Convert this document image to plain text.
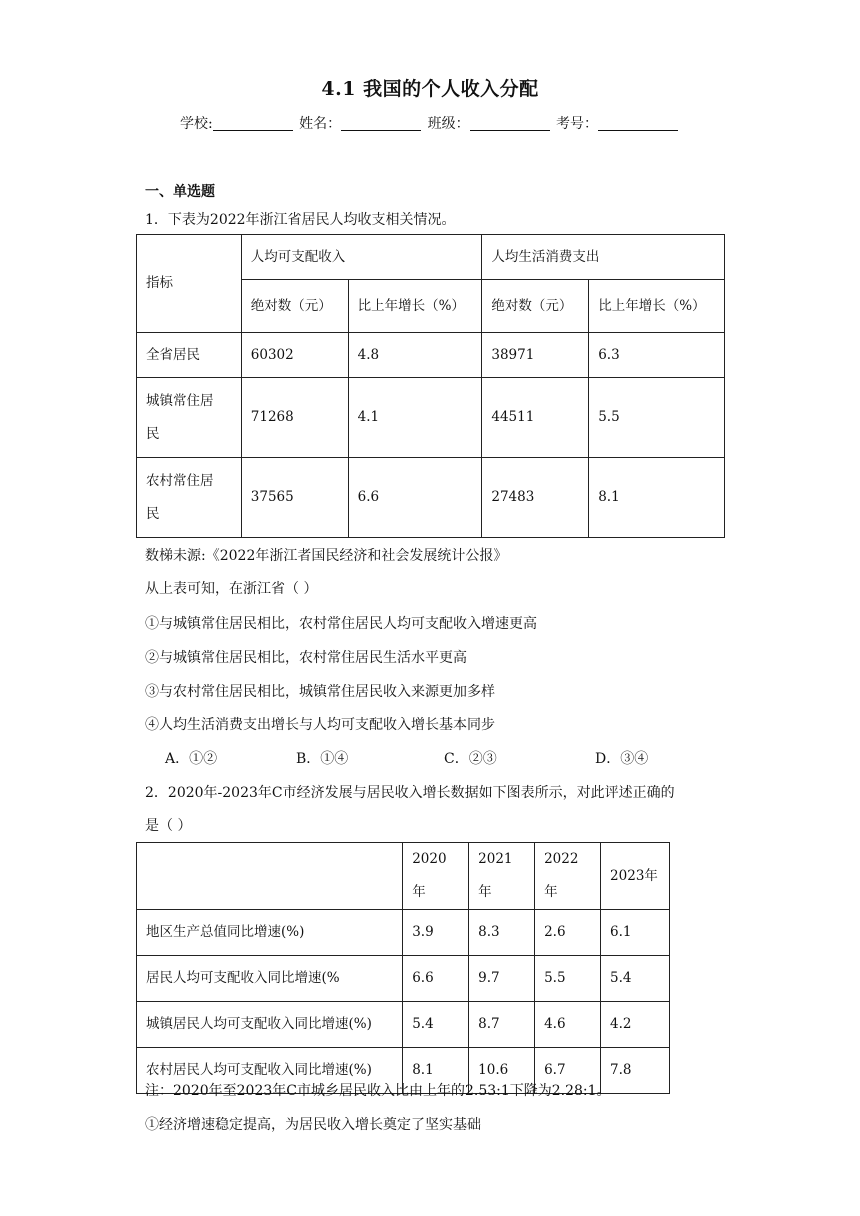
4.1 我国的个人收入分配
学校:	姓名：	班级：	考号：
一、单选题
1．下表为2022年浙江省居民人均收支相关情况。
指标	人均可支配收入		人均生活消费支出	
	绝对数（元）	比上年增长（%）	绝对数（元）	比上年增长（%）
全省居民	60302	4.8	38971	6.3

城镇常住居
民	71268	4.1	44511	5.5

农村常住居
民	37565	6.6	27483	8.1
数梯未源:《2022年浙江者国民经济和社会发展统计公报》
从上表可知，在浙江省（ ）
①与城镇常住居民相比，农村常住居民人均可支配收入增速更高
②与城镇常住居民相比，农村常住居民生活水平更高
③与农村常住居民相比，城镇常住居民收入来源更加多样
④人均生活消费支出增长与人均可支配收入增长基本同步
A．①②	B．①④	C．②③	D．③④
2．2020年-2023年C市经济发展与居民收入增长数据如下图表所示，对此评述正确的
是（ ）
	2020年	2021年	2022年	2023年
地区生产总值同比增速(%)	3.9	8.3	2.6	6.1
居民人均可支配收入同比增速(%	6.6	9.7	5.5	5.4
城镇居民人均可支配收入同比增速(%)	5.4	8.7	4.6	4.2
农村居民人均可支配收入同比增速(%)	8.1	10.6	6.7	7.8
注：2020年至2023年C市城乡居民收入比由上年的2.53:1下降为2.28:1。
①经济增速稳定提高，为居民收入增长奠定了坚实基础
